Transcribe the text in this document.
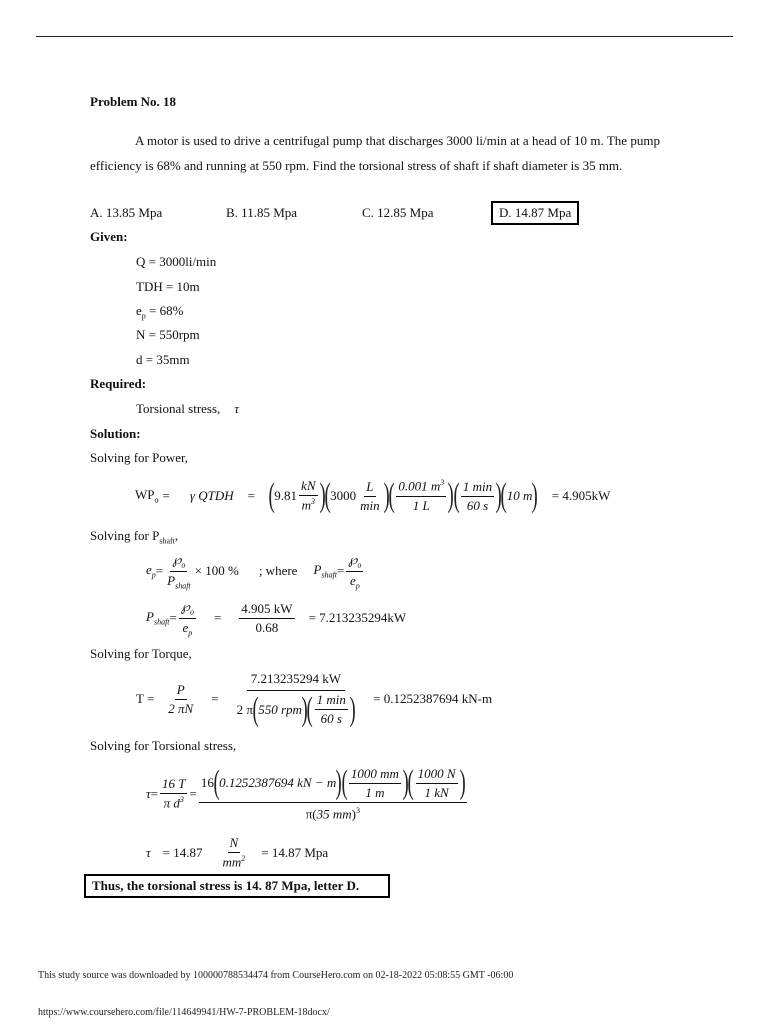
Problem No. 18
A motor is used to drive a centrifugal pump that discharges 3000 li/min at a head of 10 m. The pump efficiency is 68% and running at 550 rpm. Find the torsional stress of shaft if shaft diameter is 35 mm.
A. 13.85 Mpa	B. 11.85 Mpa	C. 12.85 Mpa	D. 14.87 Mpa
Given:
Q = 3000li/min
TDH = 10m
$e_p = 68\%$
N = 550rpm
d = 35mm
Required:
Torsional stress, τ
Solution:
Solving for Power,
$WP_o = \gamma$ QTDH = ( $9.81 \frac{kN}{m^3}$ ) ( $3000 \frac{L}{\min}$ ) ( $\frac{0.001 m^3}{1 L}$ ) ( $\frac{1 \min}{60 s}$ ) ( 10 m ) = 4.905kW
Solving for $P_{shaft}$,
$e_p = \frac{℘_o}{P_{shaft}} \times 100$ % ; where $P_{shaft} = \frac{℘_o}{e_p}$
$P_{shaft} = \frac{℘_o}{e_p} = \frac{4.905 kW}{0.68} = 7.213235294kW$
Solving for Torque,
$T = \frac{P}{2 \pi N}$ =
7.213235294 kW
2 π ( 550 rpm ) ( $\frac{1 \min}{60 s}$ ) = 0.1252387694 kN-m
Solving for Torsional stress,
$\tau = \frac{16 T}{\pi d^3}$ =
16 ( 0.1252387694 kN − m ) ( $\frac{1000 mm}{1 m}$ ) ( $\frac{1000 N}{1 kN}$ )
π(35 mm)$^3$
$\tau = 14.87 \frac{N}{mm^2} = 14.87$ Mpa
Thus, the torsional stress is 14. 87 Mpa, letter D.
This study source was downloaded by 100000788534474 from CourseHero.com on 02-18-2022 05:08:55 GMT -06:00
https://www.coursehero.com/file/114649941/HW-7-PROBLEM-18docx/
